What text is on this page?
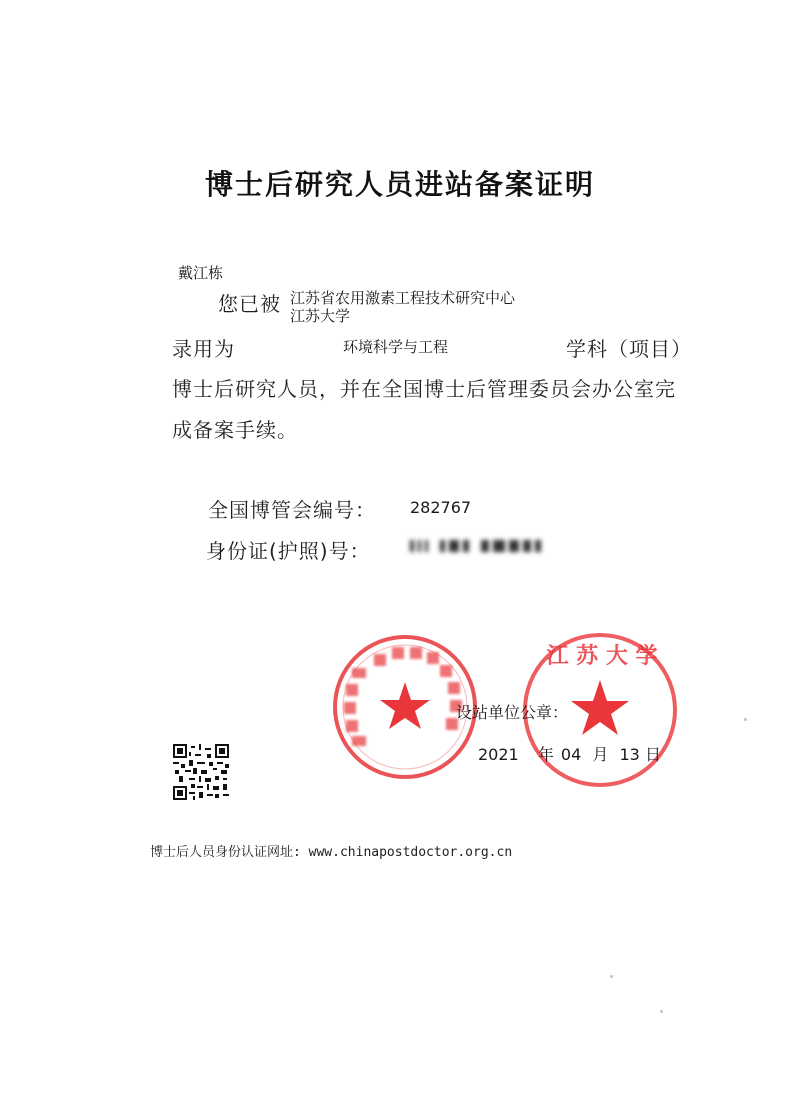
博士后研究人员进站备案证明
戴江栋
您已被 江苏省农用激素工程技术研究中心
江苏大学
录用为	环境科学与工程	学科（项目）
博士后研究人员，并在全国博士后管理委员会办公室完
成备案手续。
全国博管会编号： 282767
身份证(护照)号：
江 苏 大 学
设站单位公章：
2021 年 04 月 13 日
博士后人员身份认证网址: www.chinapostdoctor.org.cn
